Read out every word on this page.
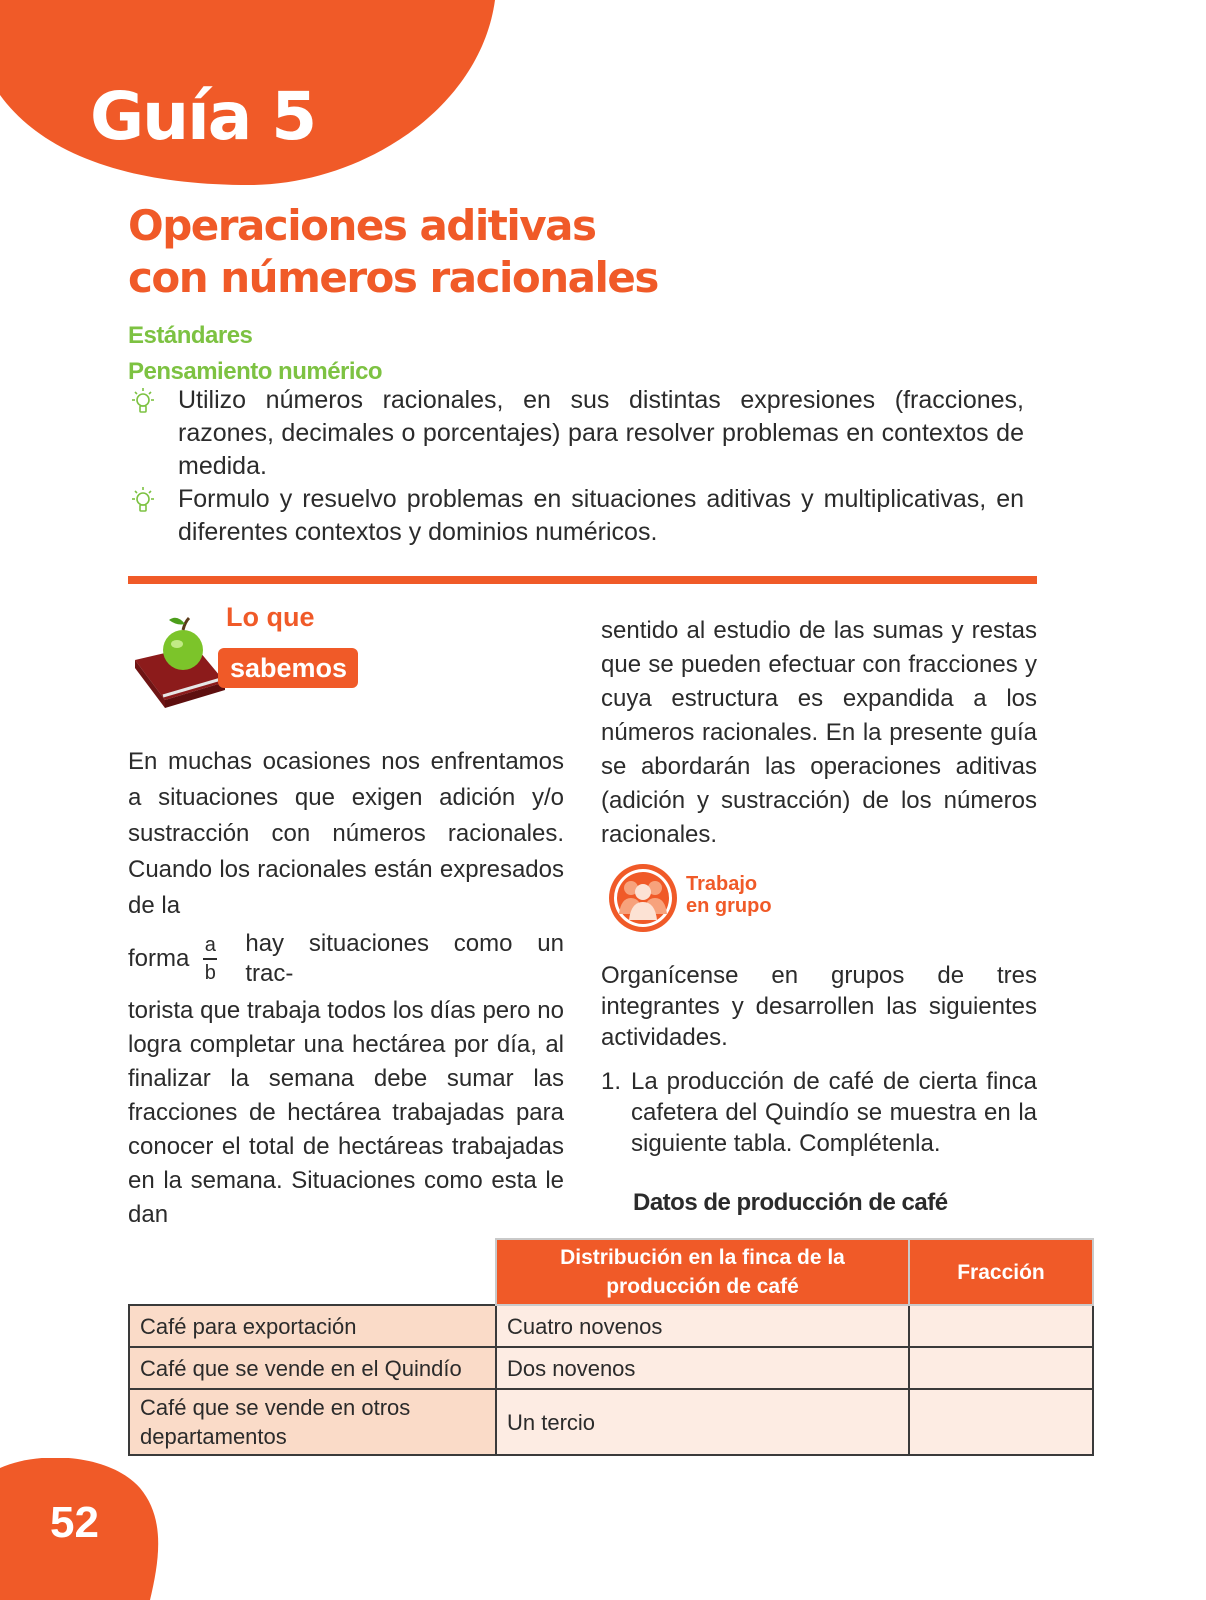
Guía 5
Operaciones aditivas
con números racionales
Estándares
Pensamiento numérico
Utilizo números racionales, en sus distintas expresiones (fracciones, razones, decimales o porcentajes) para resolver problemas en contextos de medida.
Formulo y resuelvo problemas en situaciones aditivas y multiplicativas, en diferentes contextos y dominios numéricos.
Lo que
sabemos

En muchas ocasiones nos enfrentamos a situaciones que exigen adición y/o sustracción con números racionales. Cuando los racionales están expresados de la

forma $\frac{a}{b}$ hay situaciones como un trac-

torista que trabaja todos los días pero no logra completar una hectárea por día, al finalizar la semana debe sumar las fracciones de hectárea trabajadas para conocer el total de hectáreas trabajadas en la semana. Situaciones como esta le dan

sentido al estudio de las sumas y restas que se pueden efectuar con fracciones y cuya estructura es expandida a los números racionales. En la presente guía se abordarán las operaciones aditivas (adición y sustracción) de los números racionales.

Trabajo
en grupo
Organícense en grupos de tres integrantes y desarrollen las siguientes actividades.
1. La producción de café de cierta finca cafetera del Quindío se muestra en la siguiente tabla. Complétenla.
Datos de producción de café
	Distribución en la finca de la producción de café	Fracción
Café para exportación	Cuatro novenos	
Café que se vende en el Quindío	Dos novenos	
Café que se vende en otros departamentos	Un tercio	
52
